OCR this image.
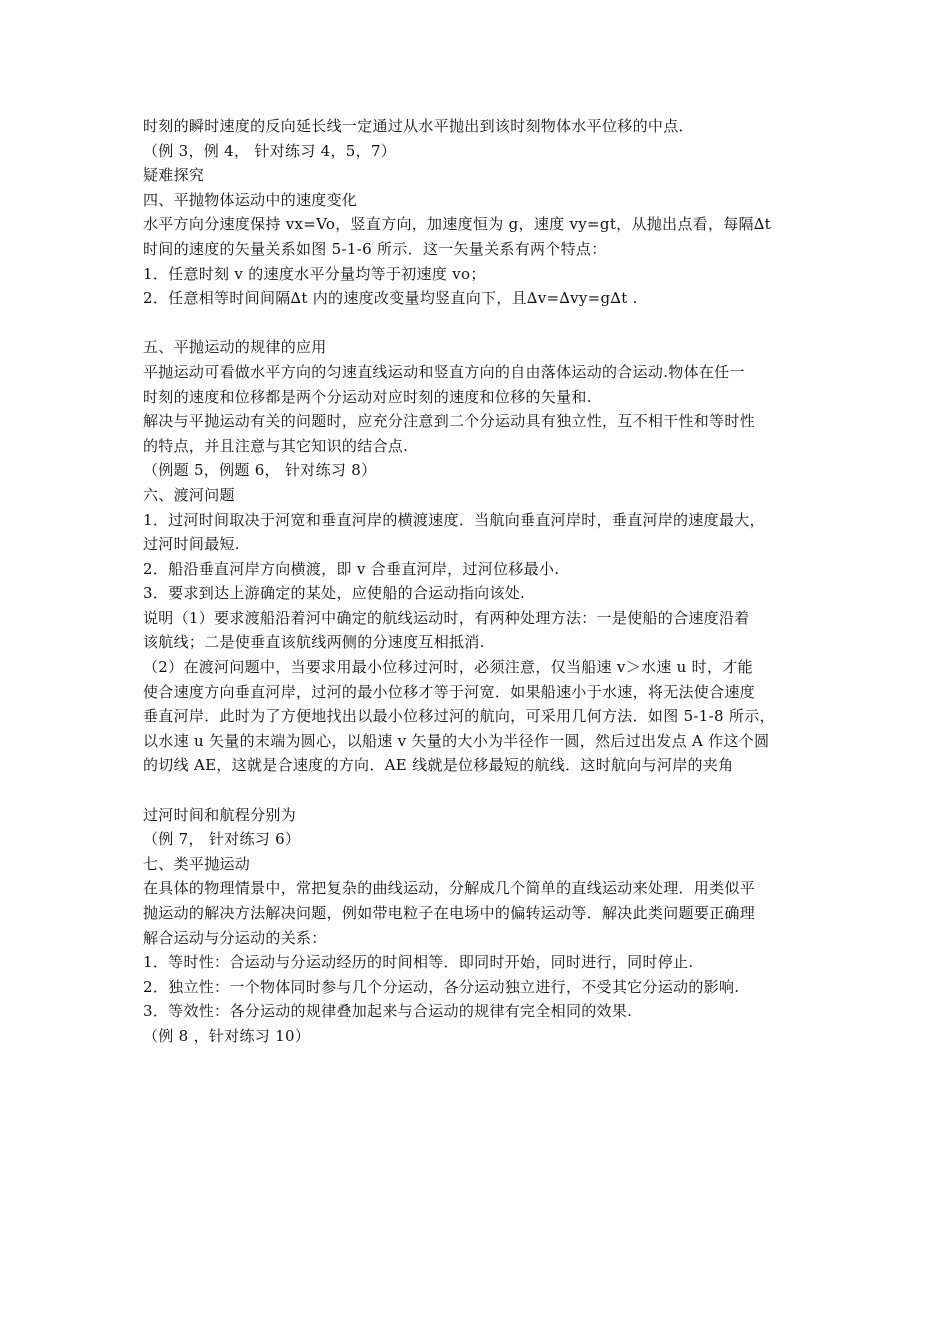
时刻的瞬时速度的反向延长线一定通过从水平抛出到该时刻物体水平位移的中点．
（例 3，例 4， 针对练习 4，5，7）
疑难探究
四、平抛物体运动中的速度变化
水平方向分速度保持 vx=Vo，竖直方向，加速度恒为 g，速度 vy=gt，从抛出点看，每隔∆t
时间的速度的矢量关系如图 5-1-6 所示．这一矢量关系有两个特点：
1．任意时刻 v 的速度水平分量均等于初速度 vo；
2．任意相等时间间隔∆t 内的速度改变量均竖直向下，且∆v=∆vy=g∆t .
五、平抛运动的规律的应用
平抛运动可看做水平方向的匀速直线运动和竖直方向的自由落体运动的合运动.物体在任一
时刻的速度和位移都是两个分运动对应时刻的速度和位移的矢量和.
解决与平抛运动有关的问题时，应充分注意到二个分运动具有独立性，互不相干性和等时性
的特点，并且注意与其它知识的结合点.
（例题 5，例题 6， 针对练习 8）
六、渡河问题
1．过河时间取决于河宽和垂直河岸的横渡速度．当航向垂直河岸时，垂直河岸的速度最大，
过河时间最短.
2．船沿垂直河岸方向横渡，即 v 合垂直河岸，过河位移最小.
3．要求到达上游确定的某处，应使船的合运动指向该处.
说明（1）要求渡船沿着河中确定的航线运动时，有两种处理方法：一是使船的合速度沿着
该航线；二是使垂直该航线两侧的分速度互相抵消.
（2）在渡河问题中，当要求用最小位移过河时，必须注意，仅当船速 v＞水速 u 时，才能
使合速度方向垂直河岸，过河的最小位移才等于河宽．如果船速小于水速，将无法使合速度
垂直河岸．此时为了方便地找出以最小位移过河的航向，可采用几何方法．如图 5-1-8 所示，
以水速 u 矢量的末端为圆心，以船速 v 矢量的大小为半径作一圆，然后过出发点 A 作这个圆
的切线 AE，这就是合速度的方向．AE 线就是位移最短的航线．这时航向与河岸的夹角
过河时间和航程分别为
（例 7， 针对练习 6）
七、类平抛运动
在具体的物理情景中，常把复杂的曲线运动，分解成几个简单的直线运动来处理．用类似平
抛运动的解决方法解决问题，例如带电粒子在电场中的偏转运动等．解决此类问题要正确理
解合运动与分运动的关系：
1．等时性：合运动与分运动经历的时间相等．即同时开始，同时进行，同时停止.
2．独立性：一个物体同时参与几个分运动，各分运动独立进行，不受其它分运动的影响.
3．等效性：各分运动的规律叠加起来与合运动的规律有完全相同的效果.
（例 8 ，针对练习 10）
